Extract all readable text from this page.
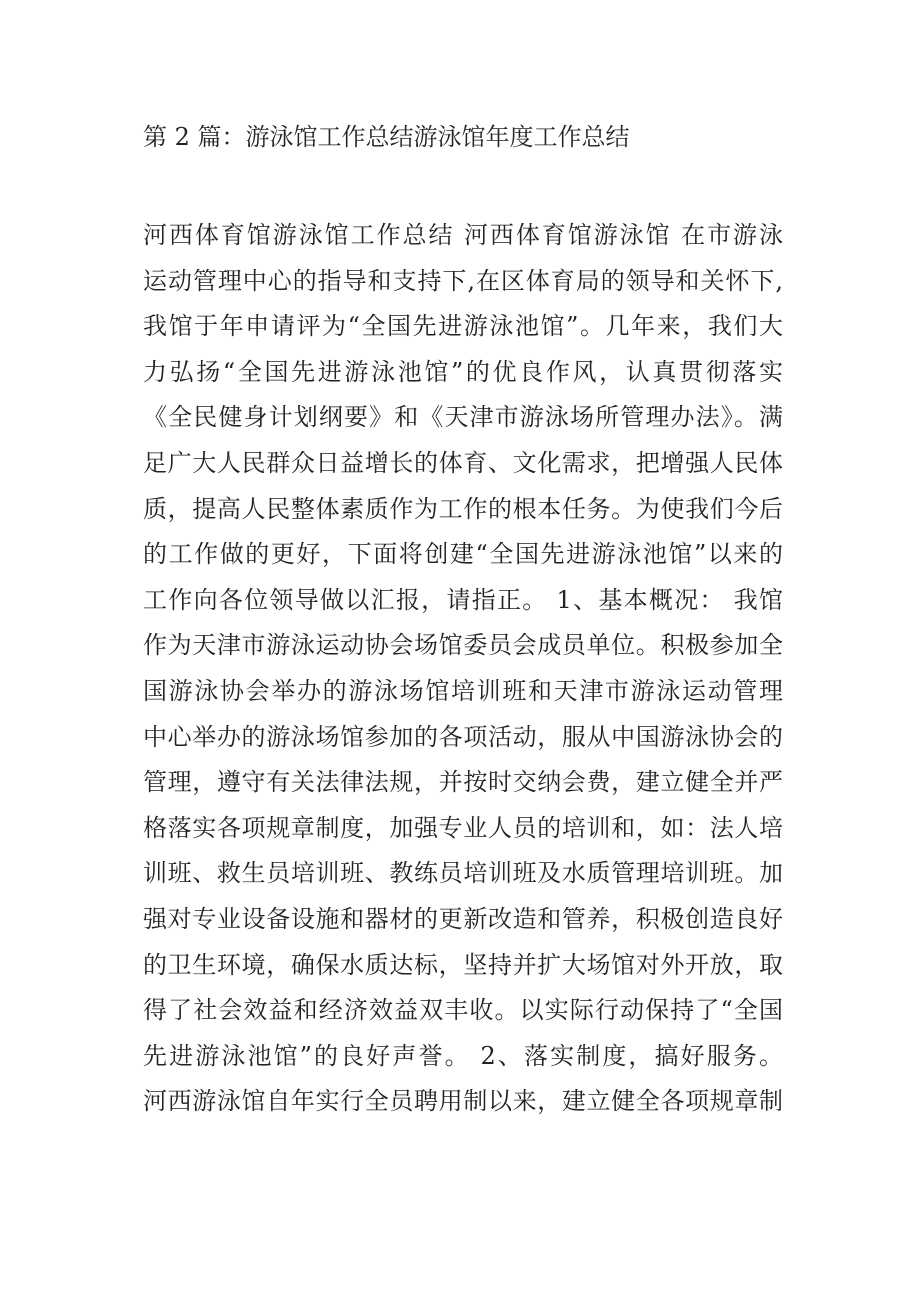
第 2 篇：游泳馆工作总结游泳馆年度工作总结
河西体育馆游泳馆工作总结 河西体育馆游泳馆 在市游泳
运动管理中心的指导和支持下,在区体育局的领导和关怀下,
我馆于年申请评为“全国先进游泳池馆”。几年来，我们大
力弘扬“全国先进游泳池馆”的优良作风，认真贯彻落实
《全民健身计划纲要》和《天津市游泳场所管理办法》。满
足广大人民群众日益增长的体育、文化需求，把增强人民体
质，提高人民整体素质作为工作的根本任务。为使我们今后
的工作做的更好，下面将创建“全国先进游泳池馆”以来的
工作向各位领导做以汇报，请指正。 1、基本概况： 我馆
作为天津市游泳运动协会场馆委员会成员单位。积极参加全
国游泳协会举办的游泳场馆培训班和天津市游泳运动管理
中心举办的游泳场馆参加的各项活动，服从中国游泳协会的
管理，遵守有关法律法规，并按时交纳会费，建立健全并严
格落实各项规章制度，加强专业人员的培训和，如：法人培
训班、救生员培训班、教练员培训班及水质管理培训班。加
强对专业设备设施和器材的更新改造和管养，积极创造良好
的卫生环境，确保水质达标，坚持并扩大场馆对外开放，取
得了社会效益和经济效益双丰收。以实际行动保持了“全国
先进游泳池馆”的良好声誉。 2、落实制度，搞好服务。
河西游泳馆自年实行全员聘用制以来，建立健全各项规章制
